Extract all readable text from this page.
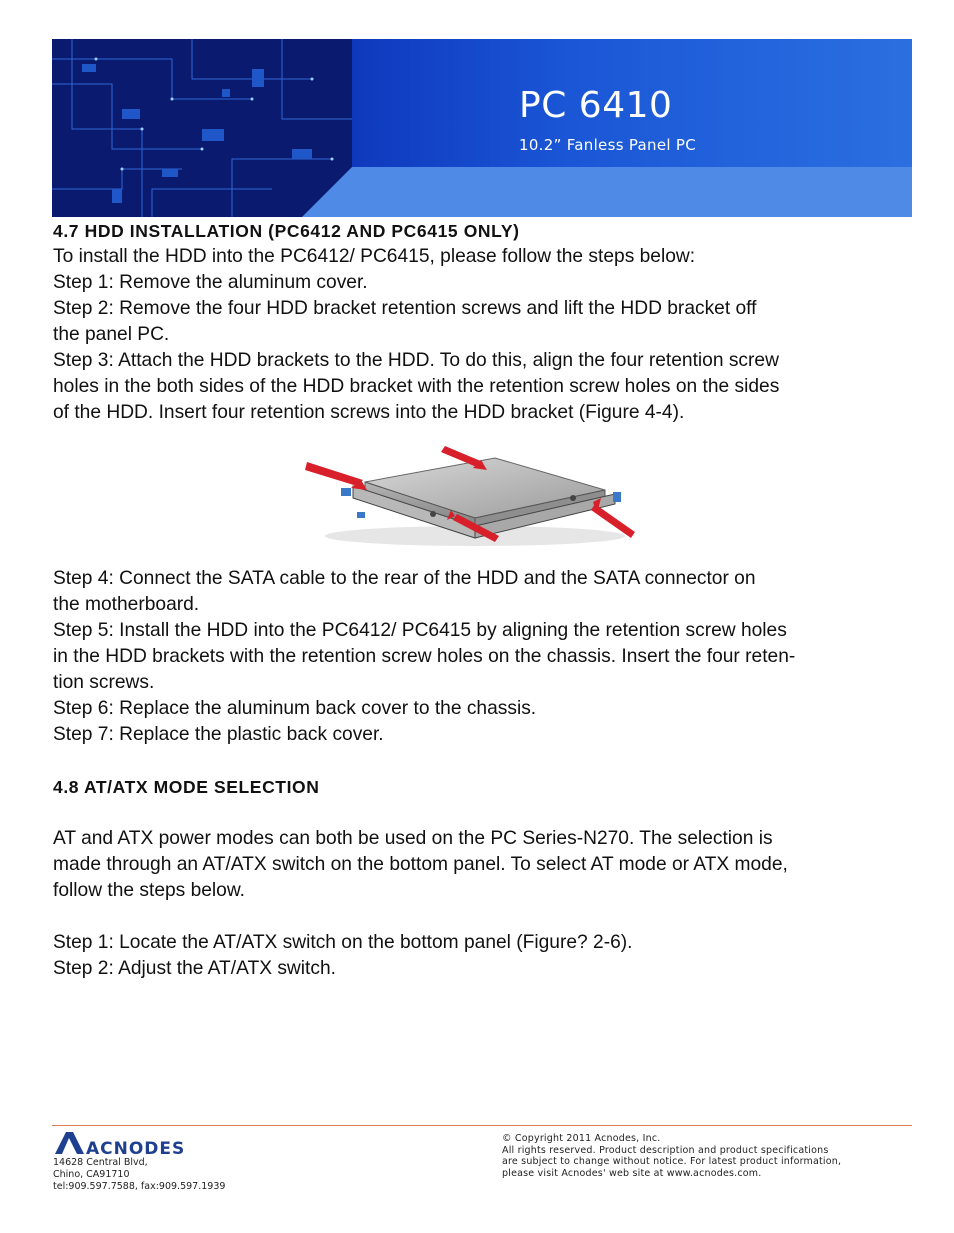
PC 6410
10.2” Fanless Panel PC

4.7 HDD INSTALLATION (PC6412 AND PC6415 ONLY)

To install the HDD into the PC6412/ PC6415, please follow the steps below:

Step 1: Remove the aluminum cover.

Step 2: Remove the four HDD bracket retention screws and lift the HDD bracket off

the panel PC.

Step 3: Attach the HDD brackets to the HDD. To do this, align the four retention screw

holes in the both sides of the HDD bracket with the retention screw holes on the sides

of the HDD. Insert four retention screws into the HDD bracket (Figure 4-4).

Step 4: Connect the SATA cable to the rear of the HDD and the SATA connector on

the motherboard.

Step 5: Install the HDD into the PC6412/ PC6415 by aligning the retention screw holes

in the HDD brackets with the retention screw holes on the chassis. Insert the four reten-

tion screws.

Step 6: Replace the aluminum back cover to the chassis.

Step 7: Replace the plastic back cover.

4.8 AT/ATX MODE SELECTION

AT and ATX power modes can both be used on the PC Series-N270. The selection is

made through an AT/ATX switch on the bottom panel. To select AT mode or ATX mode,

follow the steps below.

Step 1: Locate the AT/ATX switch on the bottom panel (Figure? 2-6).

Step 2: Adjust the AT/ATX switch.

ACNODES
14628 Central Blvd,
Chino, CA91710
tel:909.597.7588, fax:909.597.1939
© Copyright 2011 Acnodes, Inc.
All rights reserved. Product description and product specifications
are subject to change without notice. For latest product information,
please visit Acnodes' web site at www.acnodes.com.
